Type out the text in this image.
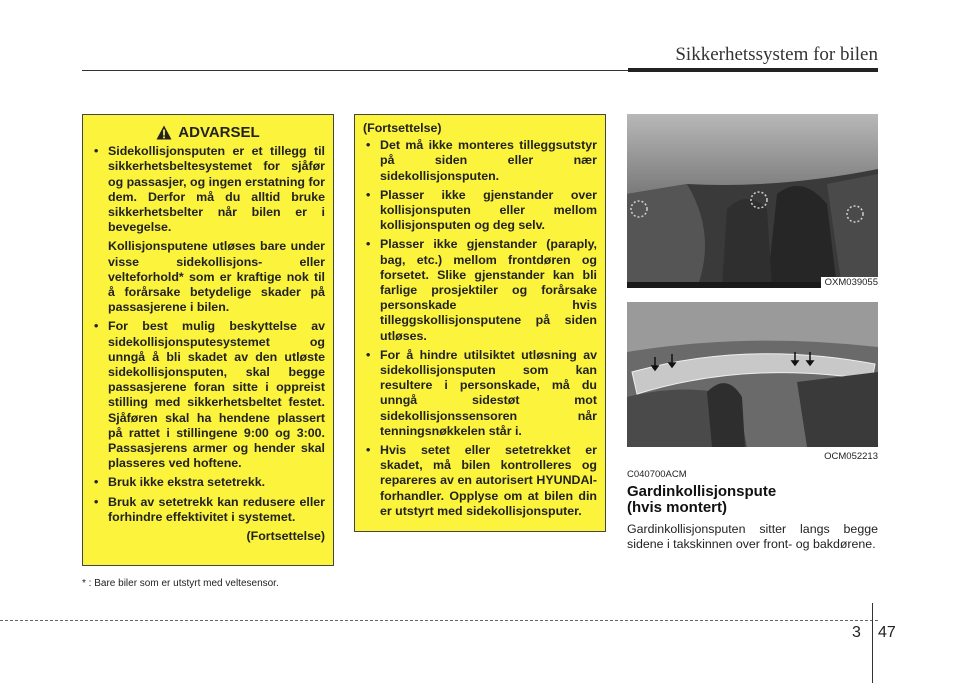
Sikkerhetssystem for bilen
ADVARSEL
• Sidekollisjonsputen er et tillegg til sikkerhetsbeltesystemet for sjåfør og passasjer, og ingen erstatning for dem. Derfor må du alltid bruke sikkerhetsbelter når bilen er i bevegelse.
Kollisjonsputene utløses bare under visse sidekollisjons- eller velteforhold* som er kraftige nok til å forårsake betydelige skader på passasjerene i bilen.
• For best mulig beskyttelse av sidekollisjonsputesystemet og unngå å bli skadet av den utløste sidekollisjonsputen, skal begge passasjerene foran sitte i oppreist stilling med sikkerhetsbeltet festet. Sjåføren skal ha hendene plassert på rattet i stillingene 9:00 og 3:00. Passasjerens armer og hender skal plasseres ved hoftene.
• Bruk ikke ekstra setetrekk.
• Bruk av setetrekk kan redusere eller forhindre effektivitet i systemet.
(Fortsettelse)
(Fortsettelse)
• Det må ikke monteres tilleggsutstyr på siden eller nær sidekollisjonsputen.
• Plasser ikke gjenstander over kollisjonsputen eller mellom kollisjonsputen og deg selv.
• Plasser ikke gjenstander (paraply, bag, etc.) mellom frontdøren og forsetet. Slike gjenstander kan bli farlige prosjektiler og forårsake personskade hvis tilleggskollisjonsputene på siden utløses.
• For å hindre utilsiktet utløsning av sidekollisjonsputen som kan resultere i personskade, må du unngå sidestøt mot sidekollisjonssensoren når tenningsnøkkelen står i.
• Hvis setet eller setetrekket er skadet, må bilen kontrolleres og repareres av en autorisert HYUNDAI-forhandler. Opplyse om at bilen din er utstyrt med sidekollisjonsputer.
* : Bare biler som er utstyrt med veltesensor.
OXM039055
OCM052213
C040700ACM
Gardinkollisjonspute
(hvis montert)
Gardinkollisjonsputen sitter langs begge sidene i takskinnen over front- og bakdørene.
3 47
